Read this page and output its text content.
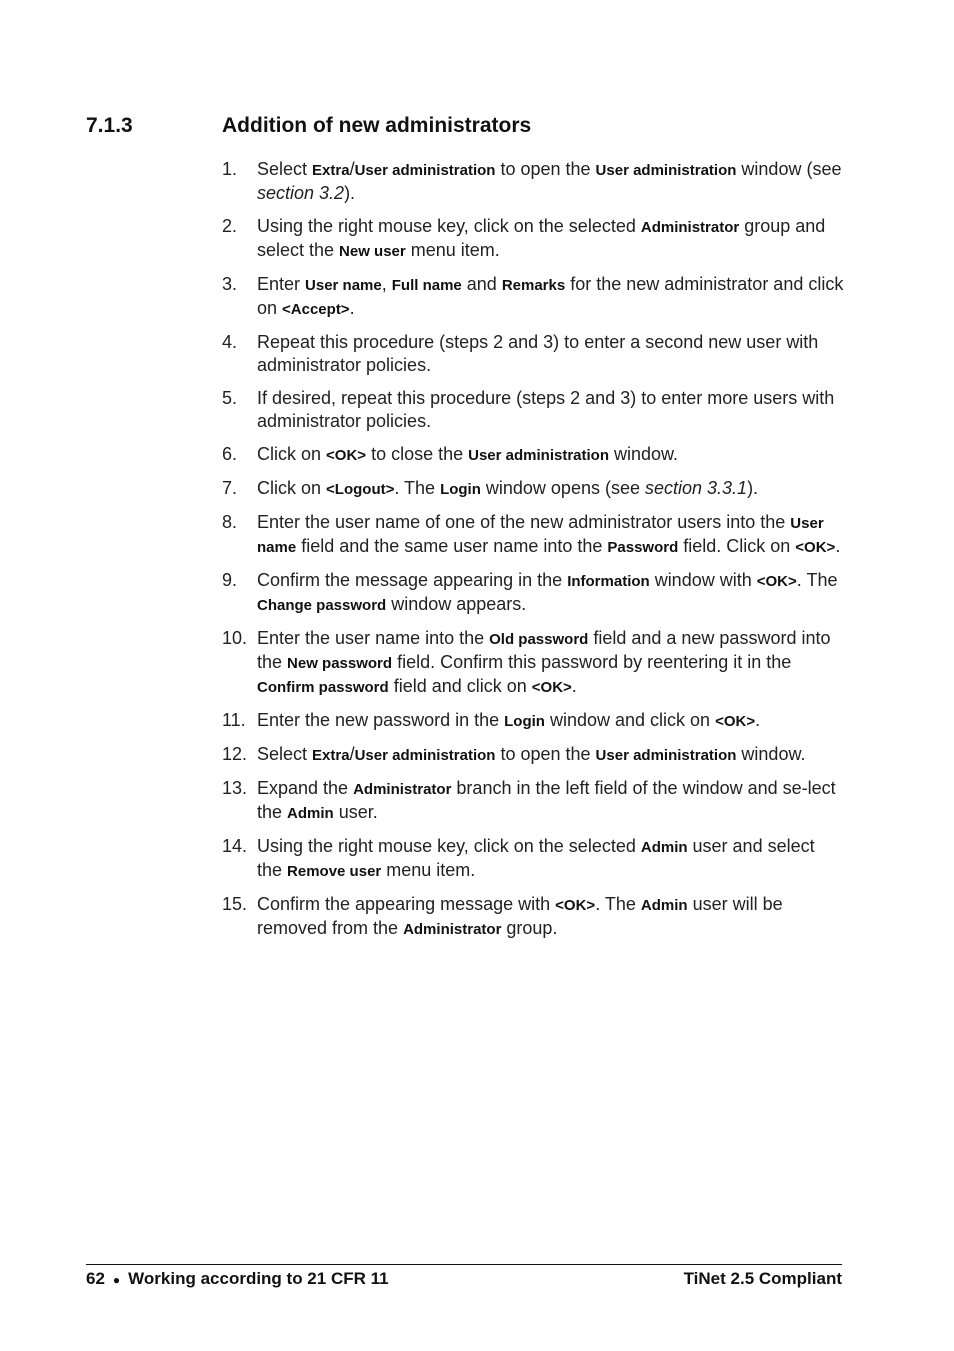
7.1.3	Addition of new administrators
1. Select Extra/User administration to open the User administration window (see section 3.2).
2. Using the right mouse key, click on the selected Administrator group and select the New user menu item.
3. Enter User name, Full name and Remarks for the new administrator and click on <Accept>.
4. Repeat this procedure (steps 2 and 3) to enter a second new user with administrator policies.
5. If desired, repeat this procedure (steps 2 and 3) to enter more users with administrator policies.
6. Click on <OK> to close the User administration window.
7. Click on <Logout>. The Login window opens (see section 3.3.1).
8. Enter the user name of one of the new administrator users into the User name field and the same user name into the Password field. Click on <OK>.
9. Confirm the message appearing in the Information window with <OK>. The Change password window appears.
10. Enter the user name into the Old password field and a new password into the New password field. Confirm this password by reentering it in the Confirm password field and click on <OK>.
11. Enter the new password in the Login window and click on <OK>.
12. Select Extra/User administration to open the User administration window.
13. Expand the Administrator branch in the left field of the window and se-lect the Admin user.
14. Using the right mouse key, click on the selected Admin user and select the Remove user menu item.
15. Confirm the appearing message with <OK>. The Admin user will be removed from the Administrator group.
62 ● Working according to 21 CFR 11	TiNet 2.5 Compliant
